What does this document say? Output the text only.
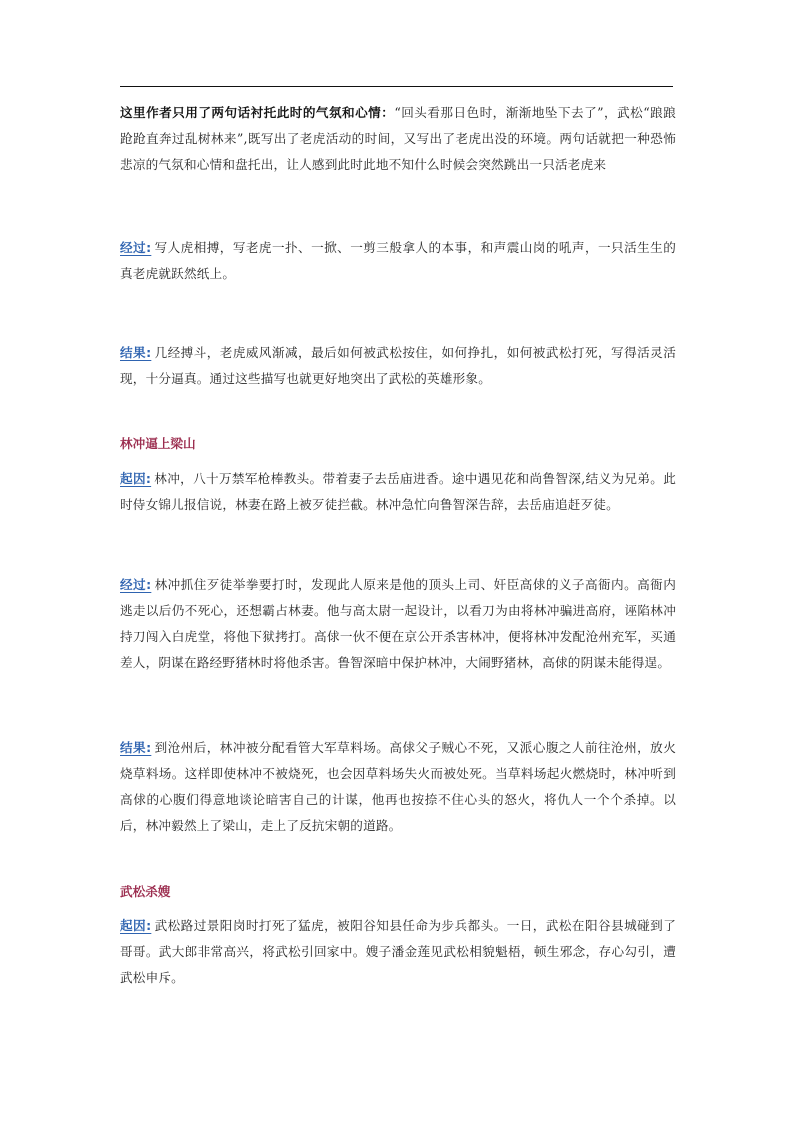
这里作者只用了两句话衬托此时的气氛和心情：“回头看那日色时，渐渐地坠下去了”，武松“踉踉跄跄直奔过乱树林来”,既写出了老虎活动的时间，又写出了老虎出没的环境。两句话就把一种恐怖悲凉的气氛和心情和盘托出，让人感到此时此地不知什么时候会突然跳出一只活老虎来
经过: 写人虎相搏，写老虎一扑、一掀、一剪三般拿人的本事，和声震山岗的吼声，一只活生生的真老虎就跃然纸上。
结果: 几经搏斗，老虎威风渐减，最后如何被武松按住，如何挣扎，如何被武松打死，写得活灵活现，十分逼真。通过这些描写也就更好地突出了武松的英雄形象。
林冲逼上梁山
起因: 林冲，八十万禁军枪棒教头。带着妻子去岳庙进香。途中遇见花和尚鲁智深,结义为兄弟。此时侍女锦儿报信说，林妻在路上被歹徒拦截。林冲急忙向鲁智深告辞，去岳庙追赶歹徒。
经过: 林冲抓住歹徒举拳要打时，发现此人原来是他的顶头上司、奸臣高俅的义子高衙内。高衙内逃走以后仍不死心，还想霸占林妻。他与高太尉一起设计，以看刀为由将林冲骗进高府，诬陷林冲持刀闯入白虎堂，将他下狱拷打。高俅一伙不便在京公开杀害林冲，便将林冲发配沧州充军，买通差人，阴谋在路经野猪林时将他杀害。鲁智深暗中保护林冲，大闹野猪林，高俅的阴谋未能得逞。
结果: 到沧州后，林冲被分配看管大军草料场。高俅父子贼心不死，又派心腹之人前往沧州，放火烧草料场。这样即使林冲不被烧死，也会因草料场失火而被处死。当草料场起火燃烧时，林冲听到高俅的心腹们得意地谈论暗害自己的计谋，他再也按捺不住心头的怒火，将仇人一个个杀掉。以后，林冲毅然上了梁山，走上了反抗宋朝的道路。
武松杀嫂
起因: 武松路过景阳岗时打死了猛虎，被阳谷知县任命为步兵都头。一日，武松在阳谷县城碰到了哥哥。武大郎非常高兴，将武松引回家中。嫂子潘金莲见武松相貌魁梧，顿生邪念，存心勾引，遭武松申斥。
